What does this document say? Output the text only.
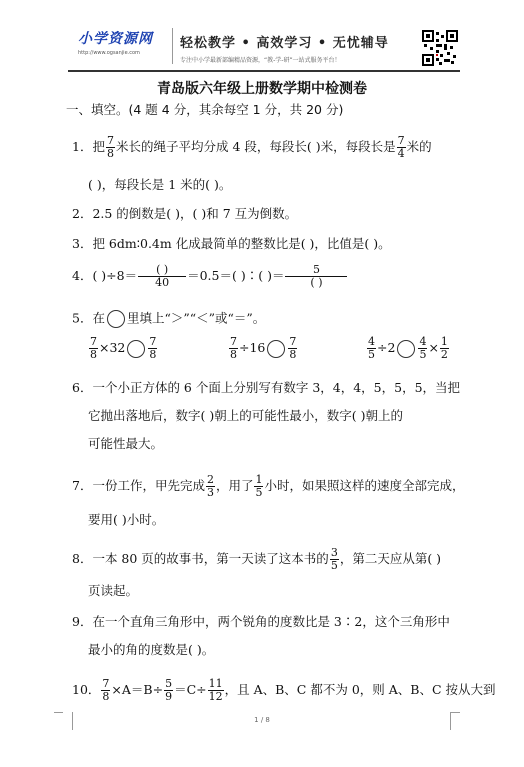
小学资源网
http://www.ogsanjie.com
轻松教学 • 高效学习 • 无忧辅导
专注中小学最新部编精品资源，“教-学-研”一站式服务平台！
青岛版六年级上册数学期中检测卷
一、填空。(4 题 4 分，其余每空 1 分，共 20 分)
1．把 $\frac{7}{8}$ 米长的绳子平均分成 4 段，每段长( )米，每段长是 $\frac{7}{4}$ 米的
( )，每段长是 1 米的( )。
2．2.5 的倒数是( )，( )和 7 互为倒数。
3．把 6dm∶0.4m 化成最简单的整数比是( )，比值是( )。
4．( )$\div 8= \frac{( )}{40} =0.5=$( )∶( )＝ $\frac{5}{( )}$
5．在 里填上“＞”“＜”或“＝”。
$\frac{7}{8} \times 32 \frac{7}{8}$	$\frac{7}{8} \div 16 \frac{7}{8}$	$\frac{4}{5} \div 2 \frac{4}{5} \times \frac{1}{2}$
6．一个小正方体的 6 个面上分别写有数字 3，4，4，5，5，5，当把
它抛出落地后，数字( )朝上的可能性最小，数字( )朝上的
可能性最大。
7．一份工作，甲先完成 $\frac{2}{3}$ ，用了 $\frac{1}{5}$ 小时，如果照这样的速度全部完成，
要用( )小时。
8．一本 80 页的故事书，第一天读了这本书的 $\frac{3}{5}$ ，第二天应从第( )
页读起。
9．在一个直角三角形中，两个锐角的度数比是 3∶2，这个三角形中
最小的角的度数是( )。
10． $\frac{7}{8} \times A=B\div \frac{5}{9} =C\div \frac{11}{12}$ ，且 A、B、C 都不为 0，则 A、B、C 按从大到
1 / 8
